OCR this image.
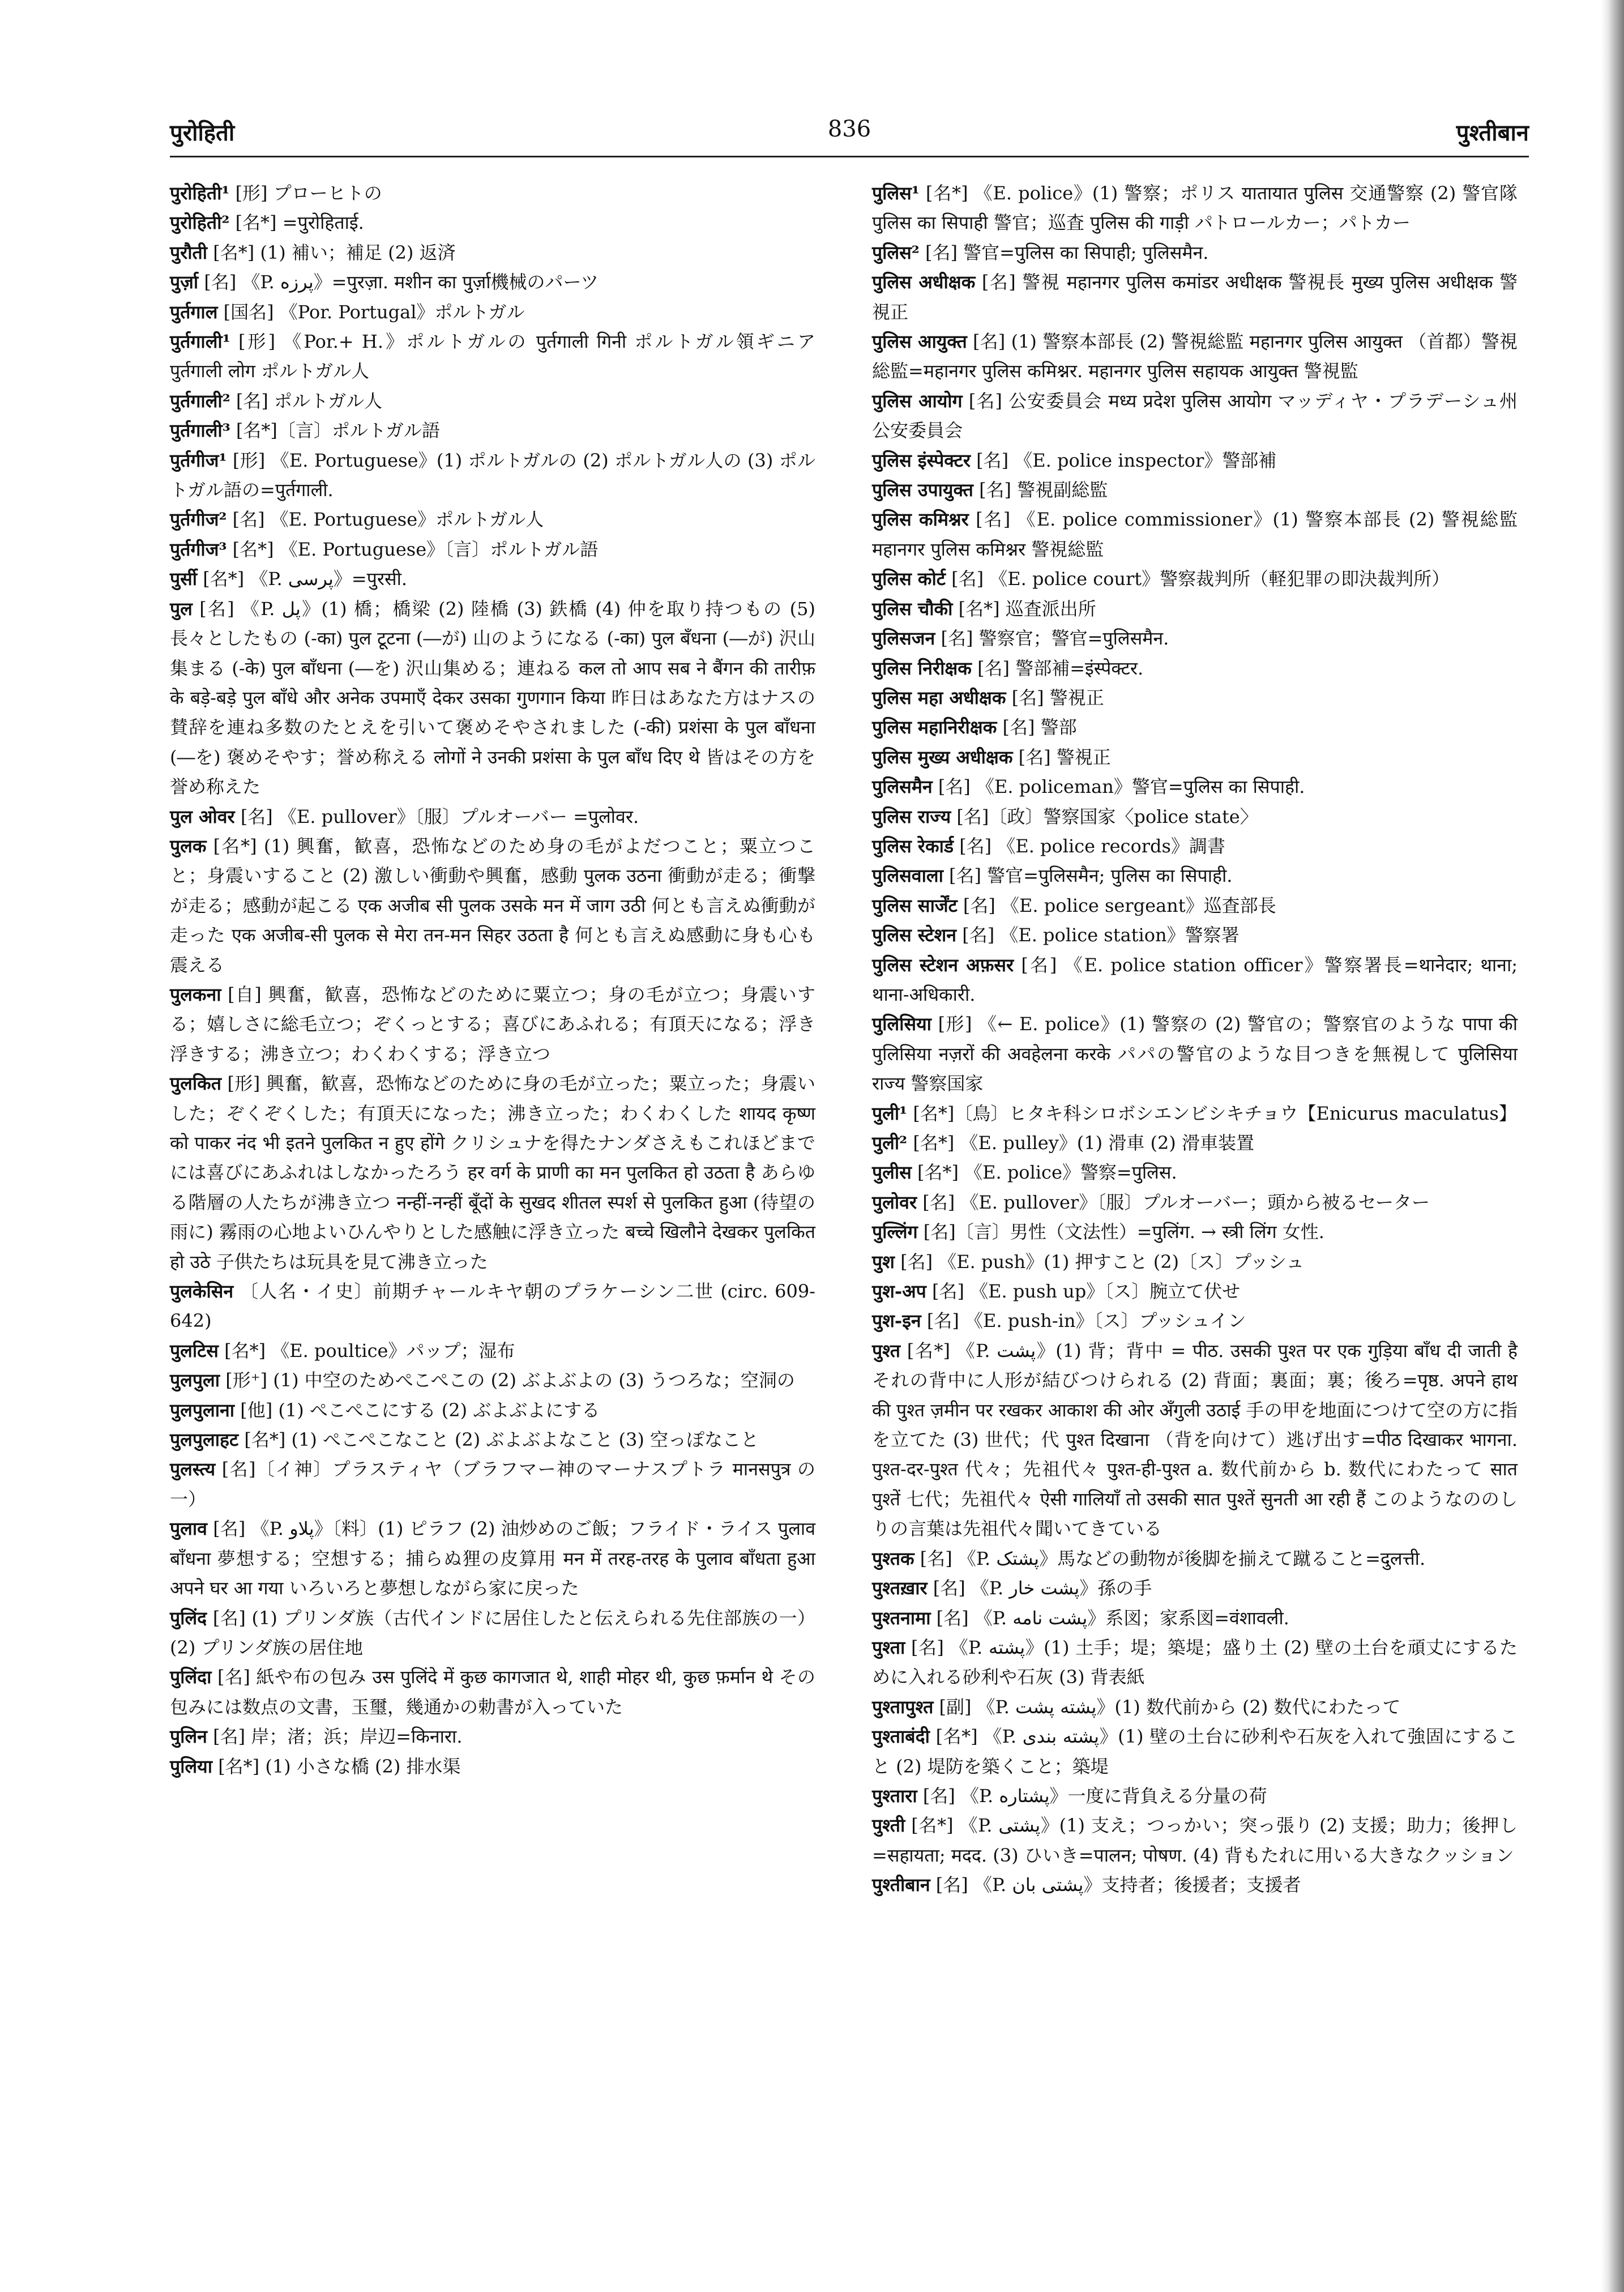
पुरोहिती	836	पुश्तीबान

पुरोहिती¹ [形] プローヒトの

पुरोहिती² [名*] =पुरोहिताई.

पुरौती [名*] (1) 補い；補足 (2) 返済

पुर्ज़ा [名] 《P. پرزه》=पुरज़ा. मशीन का पुर्ज़ा機械のパーツ

पुर्तगाल [国名] 《Por. Portugal》ポルトガル

पुर्तगाली¹ [形] 《Por.+ H.》ポルトガルの पुर्तगाली गिनी ポルトガル領ギニア पुर्तगाली लोग ポルトガル人

पुर्तगाली² [名] ポルトガル人

पुर्तगाली³ [名*]〔言〕ポルトガル語

पुर्तगीज¹ [形] 《E. Portuguese》(1) ポルトガルの (2) ポルトガル人の (3) ポルトガル語の=पुर्तगाली.

पुर्तगीज² [名] 《E. Portuguese》ポルトガル人

पुर्तगीज³ [名*] 《E. Portuguese》〔言〕ポルトガル語

पुर्सी [名*] 《P. پرسی》=पुरसी.

पुल [名] 《P. پل》(1) 橋；橋梁 (2) 陸橋 (3) 鉄橋 (4) 仲を取り持つもの (5) 長々としたもの (-का) पुल टूटना (―が) 山のようになる (-का) पुल बँधना (―が) 沢山集まる (-के) पुल बाँधना (―を) 沢山集める；連ねる कल तो आप सब ने बैंगन की तारीफ़ के बड़े-बड़े पुल बाँधे और अनेक उपमाएँ देकर उसका गुणगान किया 昨日はあなた方はナスの賛辞を連ね多数のたとえを引いて褒めそやされました (-की) प्रशंसा के पुल बाँधना (―を) 褒めそやす；誉め称える लोगों ने उनकी प्रशंसा के पुल बाँध दिए थे 皆はその方を誉め称えた

पुल ओवर [名] 《E. pullover》〔服〕プルオーバー =पुलोवर.

पुलक [名*] (1) 興奮，歓喜，恐怖などのため身の毛がよだつこと；粟立つこと；身震いすること (2) 激しい衝動や興奮，感動 पुलक उठना 衝動が走る；衝撃が走る；感動が起こる एक अजीब सी पुलक उसके मन में जाग उठी 何とも言えぬ衝動が走った एक अजीब-सी पुलक से मेरा तन-मन सिहर उठता है 何とも言えぬ感動に身も心も震える

पुलकना [自] 興奮，歓喜，恐怖などのために粟立つ；身の毛が立つ；身震いする；嬉しさに総毛立つ；ぞくっとする；喜びにあふれる；有頂天になる；浮き浮きする；沸き立つ；わくわくする；浮き立つ

पुलकित [形] 興奮，歓喜，恐怖などのために身の毛が立った；粟立った；身震いした；ぞくぞくした；有頂天になった；沸き立った；わくわくした शायद कृष्ण को पाकर नंद भी इतने पुलकित न हुए होंगे クリシュナを得たナンダさえもこれほどまでには喜びにあふれはしなかったろう हर वर्ग के प्राणी का मन पुलकित हो उठता है あらゆる階層の人たちが沸き立つ नन्हीं-नन्हीं बूँदों के सुखद शीतल स्पर्श से पुलकित हुआ (待望の雨に) 霧雨の心地よいひんやりとした感触に浮き立った बच्चे खिलौने देखकर पुलकित हो उठे 子供たちは玩具を見て沸き立った

पुलकेसिन 〔人名・イ史〕前期チャールキヤ朝のプラケーシン二世 (circ. 609-642)

पुलटिस [名*] 《E. poultice》パップ；湿布

पुलपुला [形⁺] (1) 中空のためぺこぺこの (2) ぶよぶよの (3) うつろな；空洞の

पुलपुलाना [他] (1) ぺこぺこにする (2) ぶよぶよにする

पुलपुलाहट [名*] (1) ぺこぺこなこと (2) ぶよぶよなこと (3) 空っぽなこと

पुलस्त्य [名]〔イ神〕プラスティヤ（ブラフマー神のマーナスプトラ मानसपुत्र の一）

पुलाव [名] 《P. پلاو》〔料〕(1) ピラフ (2) 油炒めのご飯；フライド・ライス पुलाव बाँधना 夢想する；空想する；捕らぬ狸の皮算用 मन में तरह-तरह के पुलाव बाँधता हुआ अपने घर आ गया いろいろと夢想しながら家に戻った

पुलिंद [名] (1) プリンダ族（古代インドに居住したと伝えられる先住部族の一） (2) プリンダ族の居住地

पुलिंदा [名] 紙や布の包み उस पुलिंदे में कुछ कागजात थे, शाही मोहर थी, कुछ फ़र्मान थे その包みには数点の文書，玉璽，幾通かの勅書が入っていた

पुलिन [名] 岸；渚；浜；岸辺=किनारा.

पुलिया [名*] (1) 小さな橋 (2) 排水渠

पुलिस¹ [名*] 《E. police》(1) 警察；ポリス यातायात पुलिस 交通警察 (2) 警官隊 पुलिस का सिपाही 警官；巡査 पुलिस की गाड़ी パトロールカー；パトカー

पुलिस² [名] 警官=पुलिस का सिपाही; पुलिसमैन.

पुलिस अधीक्षक [名] 警視 महानगर पुलिस कमांडर अधीक्षक 警視長 मुख्य पुलिस अधीक्षक 警視正

पुलिस आयुक्त [名] (1) 警察本部長 (2) 警視総監 महानगर पुलिस आयुक्त （首都）警視総監=महानगर पुलिस कमिश्नर. महानगर पुलिस सहायक आयुक्त 警視監

पुलिस आयोग [名] 公安委員会 मध्य प्रदेश पुलिस आयोग マッディヤ・プラデーシュ州公安委員会

पुलिस इंस्पेक्टर [名] 《E. police inspector》警部補

पुलिस उपायुक्त [名] 警視副総監

पुलिस कमिश्नर [名] 《E. police commissioner》(1) 警察本部長 (2) 警視総監 महानगर पुलिस कमिश्नर 警視総監

पुलिस कोर्ट [名] 《E. police court》警察裁判所（軽犯罪の即決裁判所）

पुलिस चौकी [名*] 巡査派出所

पुलिसजन [名] 警察官；警官=पुलिसमैन.

पुलिस निरीक्षक [名] 警部補=इंस्पेक्टर.

पुलिस महा अधीक्षक [名] 警視正

पुलिस महानिरीक्षक [名] 警部

पुलिस मुख्य अधीक्षक [名] 警視正

पुलिसमैन [名] 《E. policeman》警官=पुलिस का सिपाही.

पुलिस राज्य [名]〔政〕警察国家〈police state〉

पुलिस रेकार्ड [名] 《E. police records》調書

पुलिसवाला [名] 警官=पुलिसमैन; पुलिस का सिपाही.

पुलिस सार्जेंट [名] 《E. police sergeant》巡査部長

पुलिस स्टेशन [名] 《E. police station》警察署

पुलिस स्टेशन अफ़सर [名] 《E. police station officer》警察署長=थानेदार; थाना; थाना-अधिकारी.

पुलिसिया [形] 《← E. police》(1) 警察の (2) 警官の；警察官のような पापा की पुलिसिया नज़रों की अवहेलना करके パパの警官のような目つきを無視して पुलिसिया राज्य 警察国家

पुली¹ [名*]〔鳥〕ヒタキ科シロボシエンビシキチョウ【Enicurus maculatus】

पुली² [名*] 《E. pulley》(1) 滑車 (2) 滑車装置

पुलीस [名*] 《E. police》警察=पुलिस.

पुलोवर [名] 《E. pullover》〔服〕プルオーバー；頭から被るセーター

पुल्लिंग [名]〔言〕男性（文法性）=पुलिंग. → स्त्री लिंग 女性.

पुश [名] 《E. push》(1) 押すこと (2)〔ス〕プッシュ

पुश-अप [名] 《E. push up》〔ス〕腕立て伏せ

पुश-इन [名] 《E. push-in》〔ス〕プッシュイン

पुश्त [名*] 《P. پشت》(1) 背；背中 = पीठ. उसकी पुश्त पर एक गुड़िया बाँध दी जाती है それの背中に人形が結びつけられる (2) 背面；裏面；裏；後ろ=पृष्ठ. अपने हाथ की पुश्त ज़मीन पर रखकर आकाश की ओर अँगुली उठाई 手の甲を地面につけて空の方に指を立てた (3) 世代；代 पुश्त दिखाना （背を向けて）逃げ出す=पीठ दिखाकर भागना. पुश्त-दर-पुश्त 代々；先祖代々 पुश्त-ही-पुश्त a. 数代前から b. 数代にわたって सात पुश्तें 七代；先祖代々 ऐसी गालियाँ तो उसकी सात पुश्तें सुनती आ रही हैं このようなののしりの言葉は先祖代々聞いてきている

पुश्तक [名] 《P. پشتک》馬などの動物が後脚を揃えて蹴ること=दुलत्ती.

पुश्तख़ार [名] 《P. پشت خار》孫の手

पुश्तनामा [名] 《P. پشت نامه》系図；家系図=वंशावली.

पुश्ता [名] 《P. پشته》(1) 土手；堤；築堤；盛り土 (2) 壁の土台を頑丈にするために入れる砂利や石灰 (3) 背表紙

पुश्तापुश्त [副] 《P. پشته پشت》(1) 数代前から (2) 数代にわたって

पुश्ताबंदी [名*] 《P. پشته بندی》(1) 壁の土台に砂利や石灰を入れて強固にすること (2) 堤防を築くこと；築堤

पुश्तारा [名] 《P. پشتاره》一度に背負える分量の荷

पुश्ती [名*] 《P. پشتی》(1) 支え；つっかい；突っ張り (2) 支援；助力；後押し=सहायता; मदद. (3) ひいき=पालन; पोषण. (4) 背もたれに用いる大きなクッション

पुश्तीबान [名] 《P. پشتی بان》支持者；後援者；支援者
